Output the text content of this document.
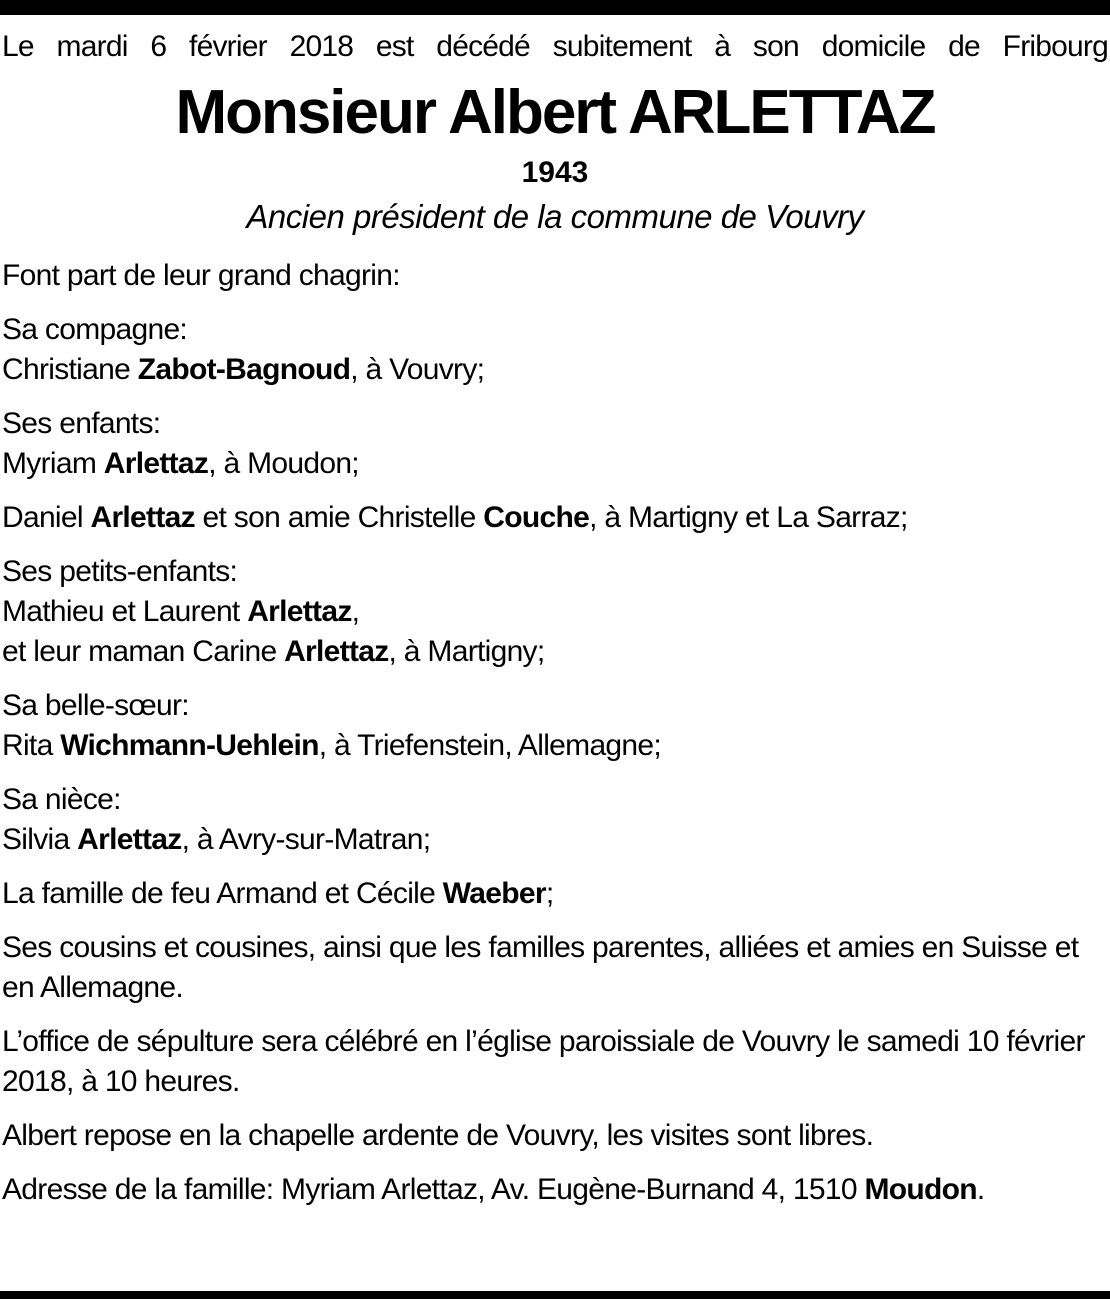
Le mardi 6 février 2018 est décédé subitement à son domicile de Fribourg
Monsieur Albert ARLETTAZ
1943
Ancien président de la commune de Vouvry
Font part de leur grand chagrin:
Sa compagne:
Christiane Zabot-Bagnoud, à Vouvry;
Ses enfants:
Myriam Arlettaz, à Moudon;
Daniel Arlettaz et son amie Christelle Couche, à Martigny et La Sarraz;
Ses petits-enfants:
Mathieu et Laurent Arlettaz,
et leur maman Carine Arlettaz, à Martigny;
Sa belle-sœur:
Rita Wichmann-Uehlein, à Triefenstein, Allemagne;
Sa nièce:
Silvia Arlettaz, à Avry-sur-Matran;
La famille de feu Armand et Cécile Waeber;
Ses cousins et cousines, ainsi que les familles parentes, alliées et amies en Suisse et en Allemagne.
L’office de sépulture sera célébré en l’église paroissiale de Vouvry le samedi 10 février 2018, à 10 heures.
Albert repose en la chapelle ardente de Vouvry, les visites sont libres.
Adresse de la famille: Myriam Arlettaz, Av. Eugène-Burnand 4, 1510 Moudon.
